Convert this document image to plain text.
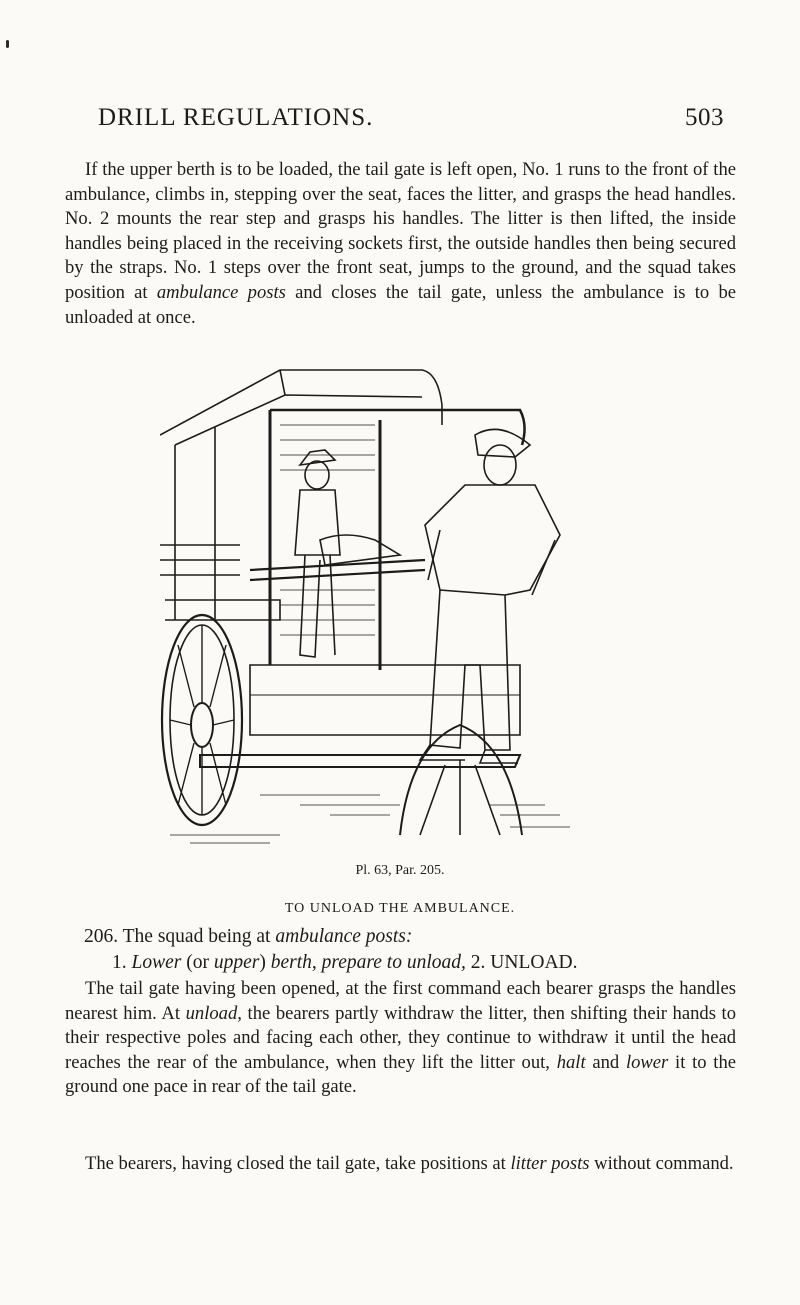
DRILL REGULATIONS.	503

If the upper berth is to be loaded, the tail gate is left open, No. 1 runs to the front of the ambulance, climbs in, stepping over the seat, faces the litter, and grasps the head handles. No. 2 mounts the rear step and grasps his handles. The litter is then lifted, the inside handles being placed in the receiving sockets first, the outside handles then being secured by the straps. No. 1 steps over the front seat, jumps to the ground, and the squad takes position at ambulance posts and closes the tail gate, unless the ambulance is to be unloaded at once.

Pl. 63, Par. 205.
TO UNLOAD THE AMBULANCE.

206. The squad being at ambulance posts:

1. Lower (or upper) berth, prepare to unload, 2. UNLOAD.

The tail gate having been opened, at the first command each bearer grasps the handles nearest him. At unload, the bearers partly withdraw the litter, then shifting their hands to their respective poles and facing each other, they continue to withdraw it until the head reaches the rear of the ambulance, when they lift the litter out, halt and lower it to the ground one pace in rear of the tail gate.

The bearers, having closed the tail gate, take positions at litter posts without command.
